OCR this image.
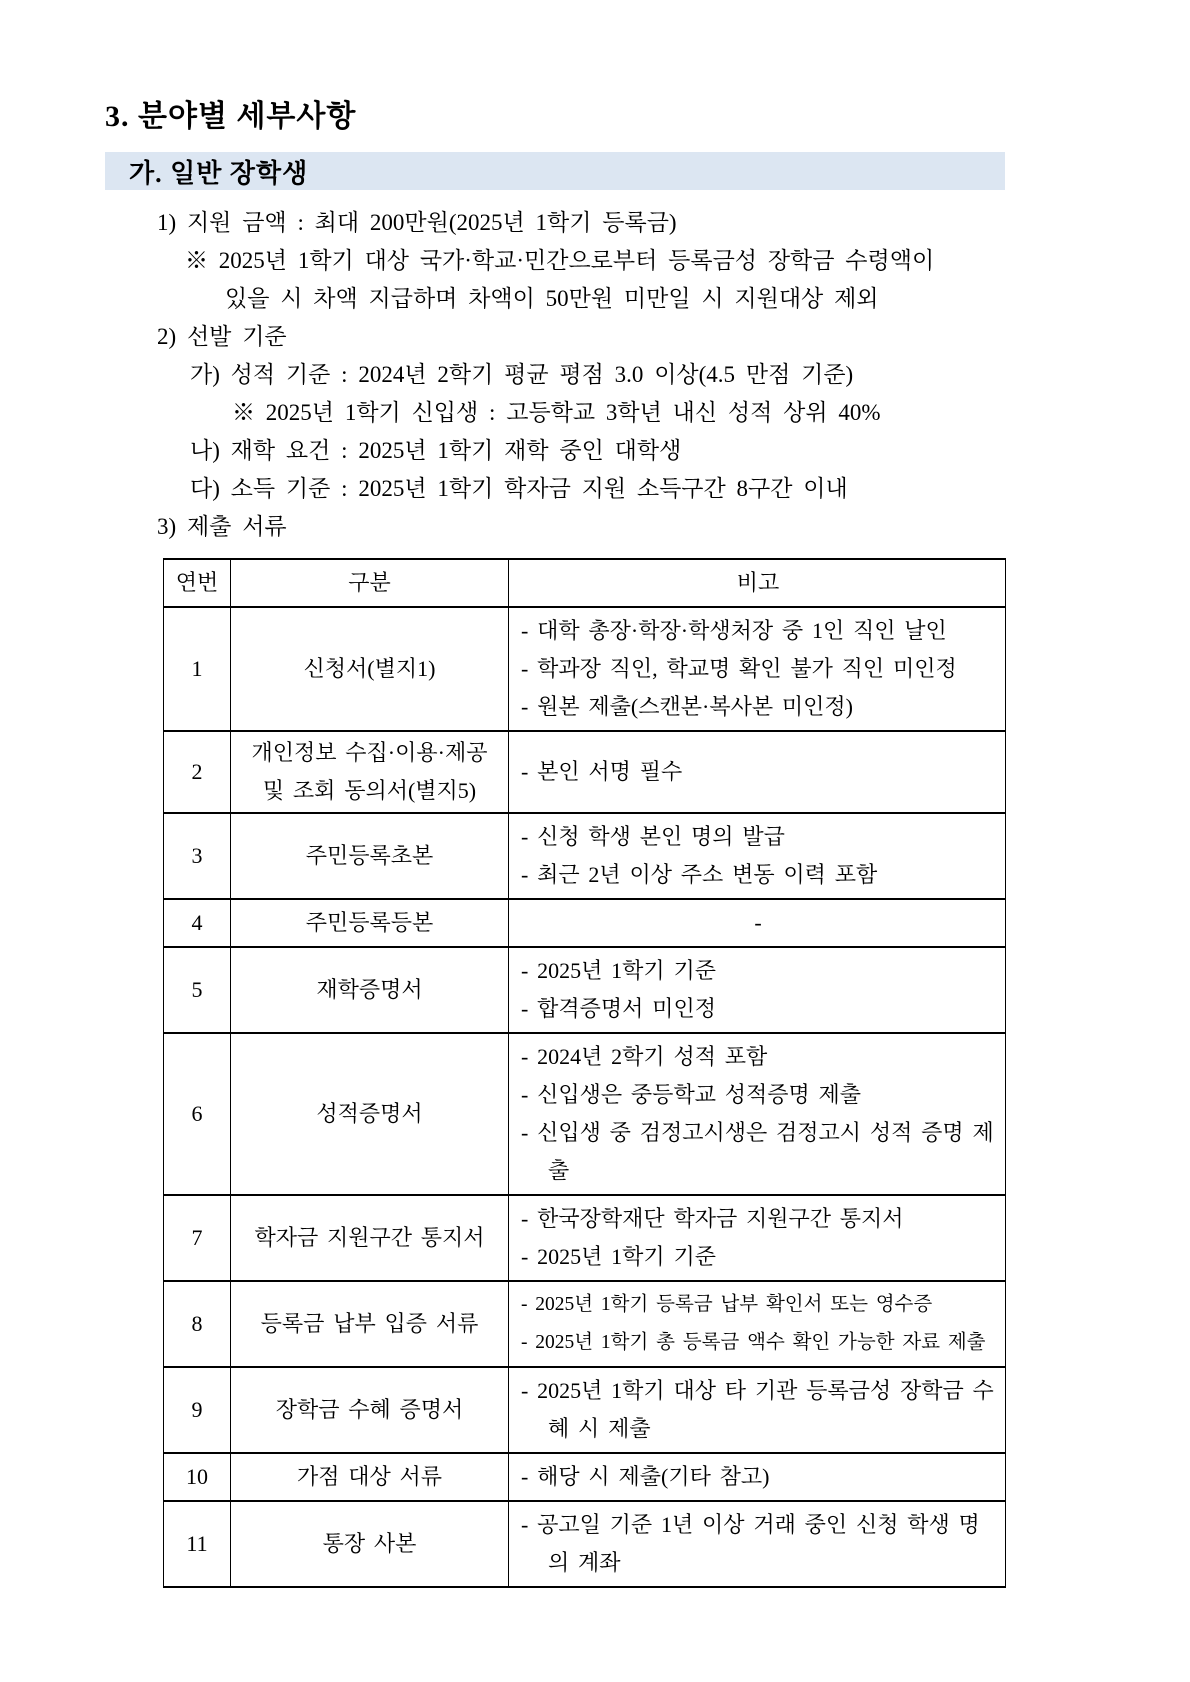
3. 분야별 세부사항
가. 일반 장학생
1) 지원 금액 : 최대 200만원(2025년 1학기 등록금)
※ 2025년 1학기 대상 국가·학교·민간으로부터 등록금성 장학금 수령액이
있을 시 차액 지급하며 차액이 50만원 미만일 시 지원대상 제외
2) 선발 기준
가) 성적 기준 : 2024년 2학기 평균 평점 3.0 이상(4.5 만점 기준)
※ 2025년 1학기 신입생 : 고등학교 3학년 내신 성적 상위 40%
나) 재학 요건 : 2025년 1학기 재학 중인 대학생
다) 소득 기준 : 2025년 1학기 학자금 지원 소득구간 8구간 이내
3) 제출 서류
연번	구분	비고
1	신청서(별지1)	- 대학 총장·학장·학생처장 중 1인 직인 날인
- 학과장 직인, 학교명 확인 불가 직인 미인정
- 원본 제출(스캔본·복사본 미인정)

2	개인정보 수집·이용·제공 및 조회 동의서(별지5)	- 본인 서명 필수

3	주민등록초본	- 신청 학생 본인 명의 발급
- 최근 2년 이상 주소 변동 이력 포함

4	주민등록등본	-

5	재학증명서	- 2025년 1학기 기준
- 합격증명서 미인정

6	성적증명서	- 2024년 2학기 성적 포함
- 신입생은 중등학교 성적증명 제출
- 신입생 중 검정고시생은 검정고시 성적 증명 제출

7	학자금 지원구간 통지서	- 한국장학재단 학자금 지원구간 통지서
- 2025년 1학기 기준

8	등록금 납부 입증 서류	- 2025년 1학기 등록금 납부 확인서 또는 영수증
- 2025년 1학기 총 등록금 액수 확인 가능한 자료 제출

9	장학금 수혜 증명서	- 2025년 1학기 대상 타 기관 등록금성 장학금 수혜 시 제출

10	가점 대상 서류	- 해당 시 제출(기타 참고)

11	통장 사본	- 공고일 기준 1년 이상 거래 중인 신청 학생 명의 계좌
